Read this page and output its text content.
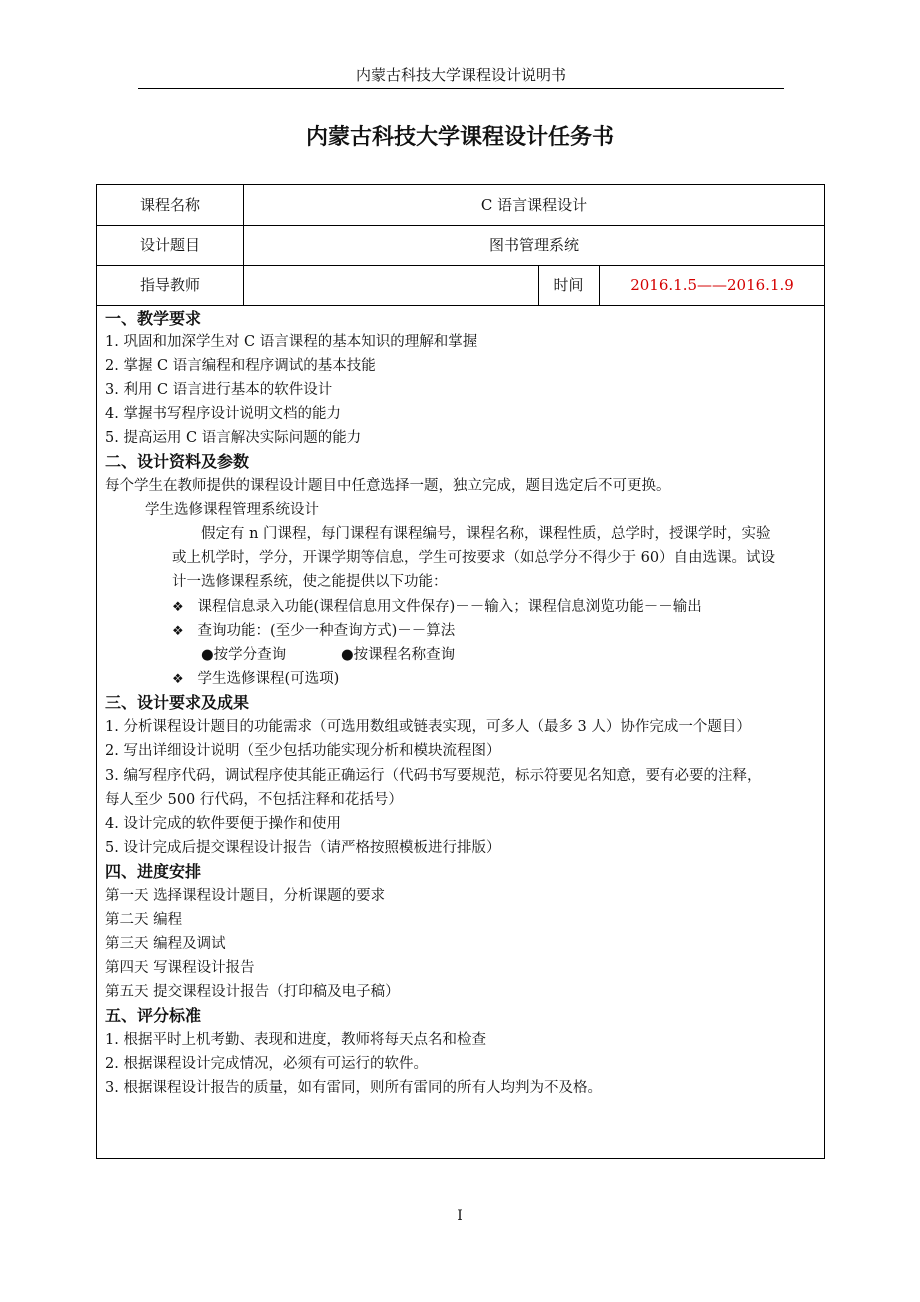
内蒙古科技大学课程设计说明书
内蒙古科技大学课程设计任务书
课程名称	C 语言课程设计
设计题目	图书管理系统
指导教师	时间	2016.1.5——2016.1.9
一、教学要求
1. 巩固和加深学生对 C 语言课程的基本知识的理解和掌握
2. 掌握 C 语言编程和程序调试的基本技能
3. 利用 C 语言进行基本的软件设计
4. 掌握书写程序设计说明文档的能力
5. 提高运用 C 语言解决实际问题的能力
二、设计资料及参数
每个学生在教师提供的课程设计题目中任意选择一题，独立完成，题目选定后不可更换。
学生选修课程管理系统设计
假定有 n 门课程，每门课程有课程编号，课程名称，课程性质，总学时，授课学时，实验
或上机学时，学分，开课学期等信息，学生可按要求（如总学分不得少于 60）自由选课。试设
计一选修课程系统，使之能提供以下功能：
❖ 课程信息录入功能(课程信息用文件保存)－－输入；课程信息浏览功能－－输出
❖ 查询功能：(至少一种查询方式)－－算法
●按学分查询	●按课程名称查询
❖ 学生选修课程(可选项)
三、设计要求及成果
1. 分析课程设计题目的功能需求（可选用数组或链表实现，可多人（最多 3 人）协作完成一个题目）
2. 写出详细设计说明（至少包括功能实现分析和模块流程图）
3. 编写程序代码，调试程序使其能正确运行（代码书写要规范，标示符要见名知意，要有必要的注释，
每人至少 500 行代码，不包括注释和花括号）
4. 设计完成的软件要便于操作和使用
5. 设计完成后提交课程设计报告（请严格按照模板进行排版）
四、进度安排
第一天 选择课程设计题目，分析课题的要求
第二天 编程
第三天 编程及调试
第四天 写课程设计报告
第五天 提交课程设计报告（打印稿及电子稿）
五、评分标准
1. 根据平时上机考勤、表现和进度，教师将每天点名和检查
2. 根据课程设计完成情况，必须有可运行的软件。
3. 根据课程设计报告的质量，如有雷同，则所有雷同的所有人均判为不及格。
I
